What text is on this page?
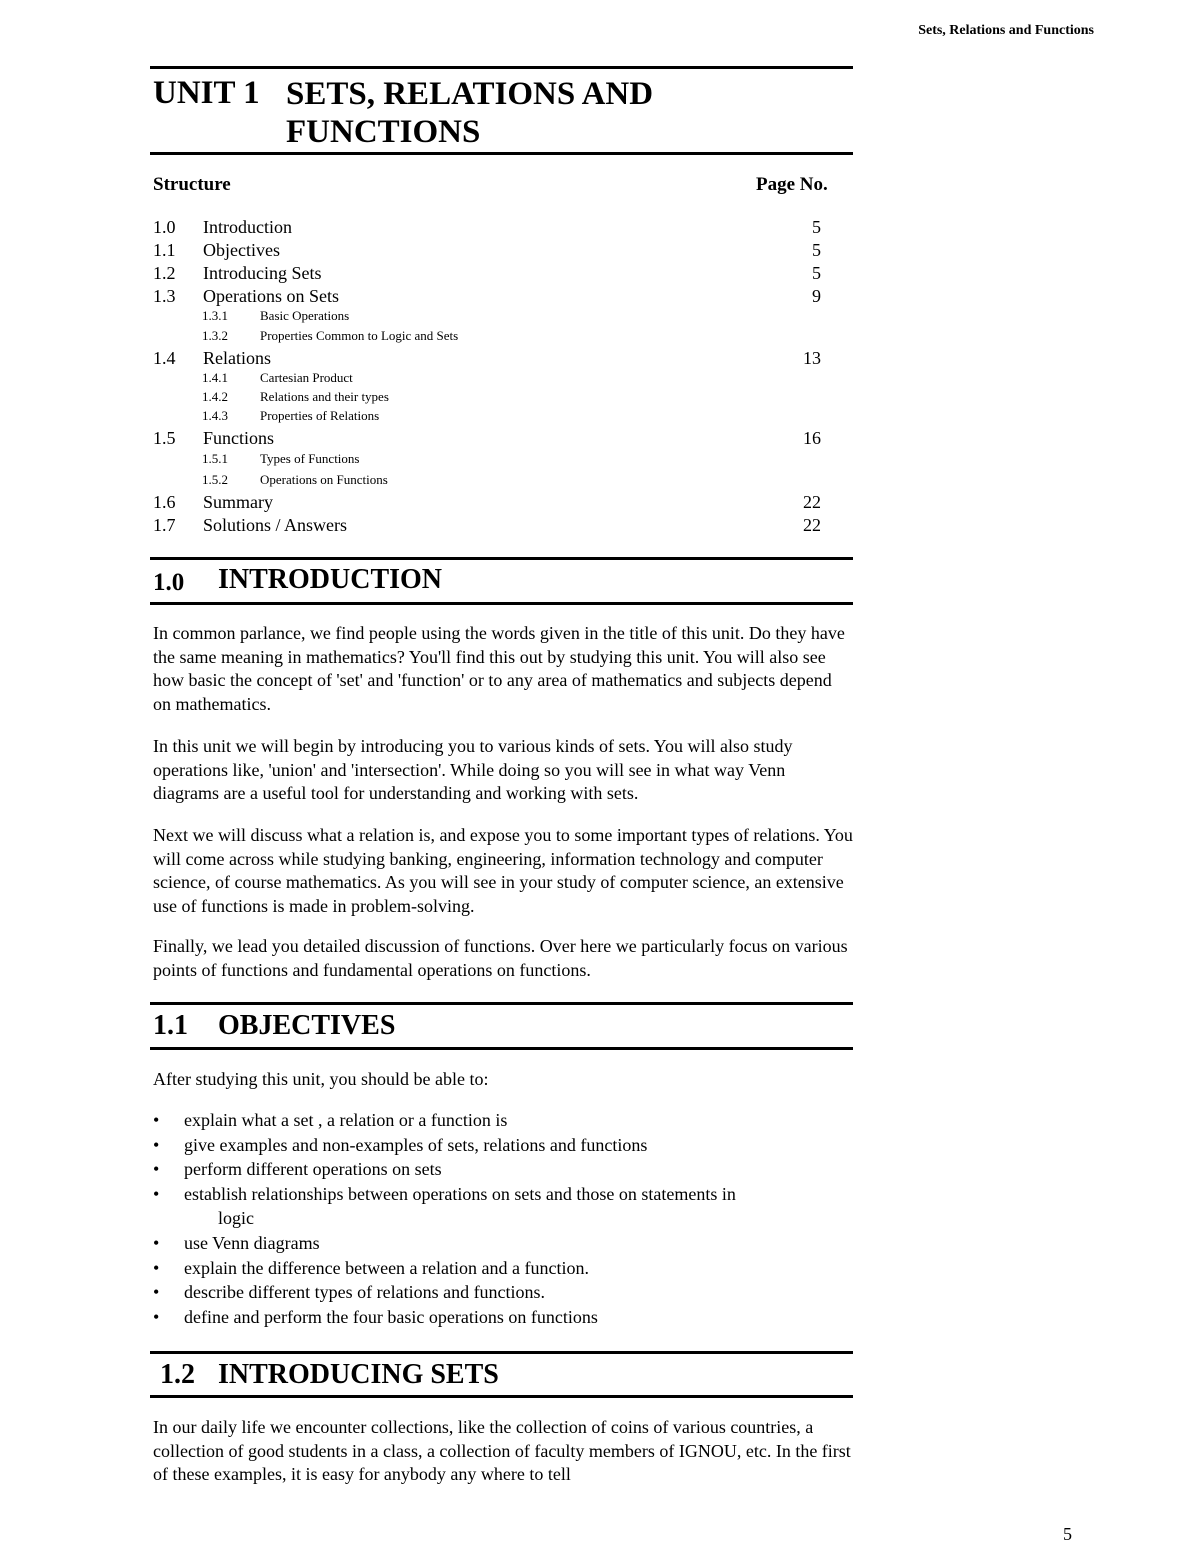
Sets, Relations and Functions
UNIT 1 SETS, RELATIONS AND FUNCTIONS
Structure	Page No.
1.0 Introduction	5
1.1 Objectives	5
1.2 Introducing Sets	5
1.3 Operations on Sets	9
1.3.1 Basic Operations
1.3.2 Properties Common to Logic and Sets
1.4 Relations	13
1.4.1 Cartesian Product
1.4.2 Relations and their types
1.4.3 Properties of Relations
1.5 Functions	16
1.5.1 Types of Functions
1.5.2 Operations on Functions
1.6 Summary	22
1.7 Solutions / Answers	22
1.0 INTRODUCTION

In common parlance, we find people using the words given in the title of this unit. Do they have the same meaning in mathematics? You'll find this out by studying this unit. You will also see how basic the concept of 'set' and 'function' or to any area of mathematics and subjects depend on mathematics.

In this unit we will begin by introducing you to various kinds of sets. You will also study operations like, 'union' and 'intersection'. While doing so you will see in what way Venn diagrams are a useful tool for understanding and working with sets.

Next we will discuss what a relation is, and expose you to some important types of relations. You will come across while studying banking, engineering, information technology and computer science, of course mathematics. As you will see in your study of computer science, an extensive use of functions is made in problem-solving.

Finally, we lead you detailed discussion of functions. Over here we particularly focus on various points of functions and fundamental operations on functions.

1.1 OBJECTIVES

After studying this unit, you should be able to:

• explain what a set , a relation or a function is
• give examples and non-examples of sets, relations and functions
• perform different operations on sets
• establish relationships between operations on sets and those on statements in
logic
• use Venn diagrams
• explain the difference between a relation and a function.
• describe different types of relations and functions.
• define and perform the four basic operations on functions
1.2 INTRODUCING SETS

In our daily life we encounter collections, like the collection of coins of various countries, a collection of good students in a class, a collection of faculty members of IGNOU, etc. In the first of these examples, it is easy for anybody any where to tell

5
